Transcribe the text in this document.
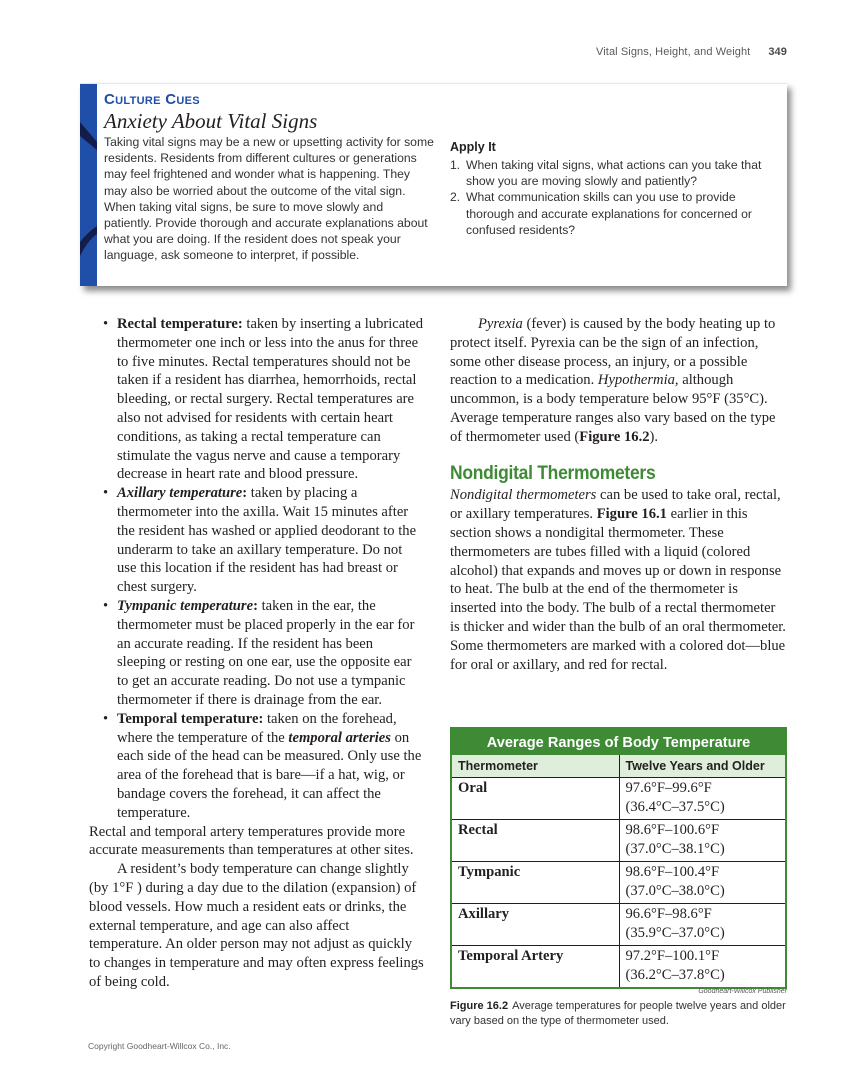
Vital Signs, Height, and Weight 349
Culture Cues
Anxiety About Vital Signs

Taking vital signs may be a new or upsetting activity for some residents. Residents from different cultures or generations may feel frightened and wonder what is happening. They may also be worried about the outcome of the vital sign. When taking vital signs, be sure to move slowly and patiently. Provide thorough and accurate explanations about what you are doing. If the resident does not speak your language, ask someone to interpret, if possible.

Apply It
1. When taking vital signs, what actions can you take that show you are moving slowly and patiently?
2. What communication skills can you use to provide thorough and accurate explanations for concerned or confused residents?
• Rectal temperature: taken by inserting a lubricated thermometer one inch or less into the anus for three to five minutes. Rectal temperatures should not be taken if a resident has diarrhea, hemorrhoids, rectal bleeding, or rectal surgery. Rectal temperatures are also not advised for residents with certain heart conditions, as taking a rectal temperature can stimulate the vagus nerve and cause a temporary decrease in heart rate and blood pressure.
• Axillary temperature: taken by placing a thermometer into the axilla. Wait 15 minutes after the resident has washed or applied deodorant to the underarm to take an axillary temperature. Do not use this location if the resident has had breast or chest surgery.
• Tympanic temperature: taken in the ear, the thermometer must be placed properly in the ear for an accurate reading. If the resident has been sleeping or resting on one ear, use the opposite ear to get an accurate reading. Do not use a tympanic thermometer if there is drainage from the ear.
• Temporal temperature: taken on the forehead, where the temperature of the temporal arteries on each side of the head can be measured. Only use the area of the forehead that is bare—if a hat, wig, or bandage covers the forehead, it can affect the temperature.

Rectal and temporal artery temperatures provide more accurate measurements than temperatures at other sites.

A resident’s body temperature can change slightly (by 1°F ) during a day due to the dilation (expansion) of blood vessels. How much a resident eats or drinks, the external temperature, and age can also affect temperature. An older person may not adjust as quickly to changes in temperature and may often express feelings of being cold.

Pyrexia (fever) is caused by the body heating up to protect itself. Pyrexia can be the sign of an infection, some other disease process, an injury, or a possible reaction to a medication. Hypothermia, although uncommon, is a body temperature below 95°F (35°C). Average temperature ranges also vary based on the type of thermometer used (Figure 16.2).

Nondigital Thermometers

Nondigital thermometers can be used to take oral, rectal, or axillary temperatures. Figure 16.1 earlier in this section shows a nondigital thermometer. These thermometers are tubes filled with a liquid (colored alcohol) that expands and moves up or down in response to heat. The bulb at the end of the thermometer is inserted into the body. The bulb of a rectal thermometer is thicker and wider than the bulb of an oral thermometer. Some thermometers are marked with a colored dot—blue for oral or axillary, and red for rectal.

Average Ranges of Body Temperature	
Thermometer	Twelve Years and Older
Oral	97.6°F–99.6°F
(36.4°C–37.5°C)
Rectal	98.6°F–100.6°F
(37.0°C–38.1°C)
Tympanic	98.6°F–100.4°F
(37.0°C–38.0°C)
Axillary	96.6°F–98.6°F
(35.9°C–37.0°C)
Temporal Artery	97.2°F–100.1°F
(36.2°C–37.8°C)
Goodheart-Willcox Publisher
Figure 16.2 Average temperatures for people twelve years and older vary based on the type of thermometer used.
Copyright Goodheart-Willcox Co., Inc.
